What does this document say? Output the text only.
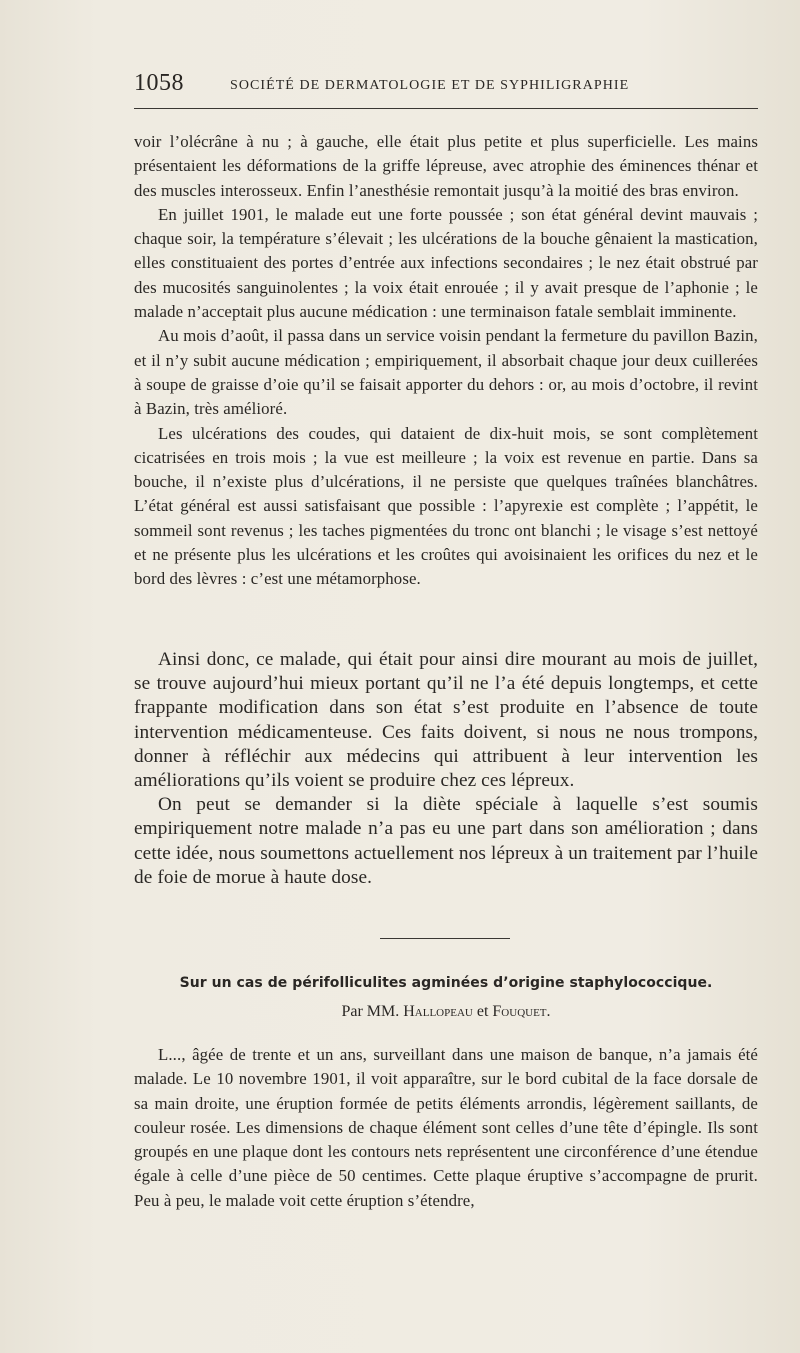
1058	SOCIÉTÉ DE DERMATOLOGIE ET DE SYPHILIGRAPHIE

voir l’olécrâne à nu ; à gauche, elle était plus petite et plus superficielle. Les mains présentaient les déformations de la griffe lépreuse, avec atrophie des éminences thénar et des muscles interosseux. Enfin l’anesthésie remontait jusqu’à la moitié des bras environ.

En juillet 1901, le malade eut une forte poussée ; son état général devint mauvais ; chaque soir, la température s’élevait ; les ulcérations de la bouche gênaient la mastication, elles constituaient des portes d’entrée aux infections secondaires ; le nez était obstrué par des mucosités sanguinolentes ; la voix était enrouée ; il y avait presque de l’aphonie ; le malade n’acceptait plus aucune médication : une terminaison fatale semblait imminente.

Au mois d’août, il passa dans un service voisin pendant la fermeture du pavillon Bazin, et il n’y subit aucune médication ; empiriquement, il absorbait chaque jour deux cuillerées à soupe de graisse d’oie qu’il se faisait apporter du dehors : or, au mois d’octobre, il revint à Bazin, très amélioré.

Les ulcérations des coudes, qui dataient de dix-huit mois, se sont complètement cicatrisées en trois mois ; la vue est meilleure ; la voix est revenue en partie. Dans sa bouche, il n’existe plus d’ulcérations, il ne persiste que quelques traînées blanchâtres. L’état général est aussi satisfaisant que possible : l’apyrexie est complète ; l’appétit, le sommeil sont revenus ; les taches pigmentées du tronc ont blanchi ; le visage s’est nettoyé et ne présente plus les ulcérations et les croûtes qui avoisinaient les orifices du nez et le bord des lèvres : c’est une métamorphose.

Ainsi donc, ce malade, qui était pour ainsi dire mourant au mois de juillet, se trouve aujourd’hui mieux portant qu’il ne l’a été depuis longtemps, et cette frappante modification dans son état s’est produite en l’absence de toute intervention médicamenteuse. Ces faits doivent, si nous ne nous trompons, donner à réfléchir aux médecins qui attribuent à leur intervention les améliorations qu’ils voient se produire chez ces lépreux.

On peut se demander si la diète spéciale à laquelle s’est soumis empiriquement notre malade n’a pas eu une part dans son amélioration ; dans cette idée, nous soumettons actuellement nos lépreux à un traitement par l’huile de foie de morue à haute dose.

Sur un cas de périfolliculites agminées d’origine staphylococcique.
Par MM. Hallopeau et Fouquet.

L..., âgée de trente et un ans, surveillant dans une maison de banque, n’a jamais été malade. Le 10 novembre 1901, il voit apparaître, sur le bord cubital de la face dorsale de sa main droite, une éruption formée de petits éléments arrondis, légèrement saillants, de couleur rosée. Les dimensions de chaque élément sont celles d’une tête d’épingle. Ils sont groupés en une plaque dont les contours nets représentent une circonférence d’une étendue égale à celle d’une pièce de 50 centimes. Cette plaque éruptive s’accompagne de prurit. Peu à peu, le malade voit cette éruption s’étendre,
